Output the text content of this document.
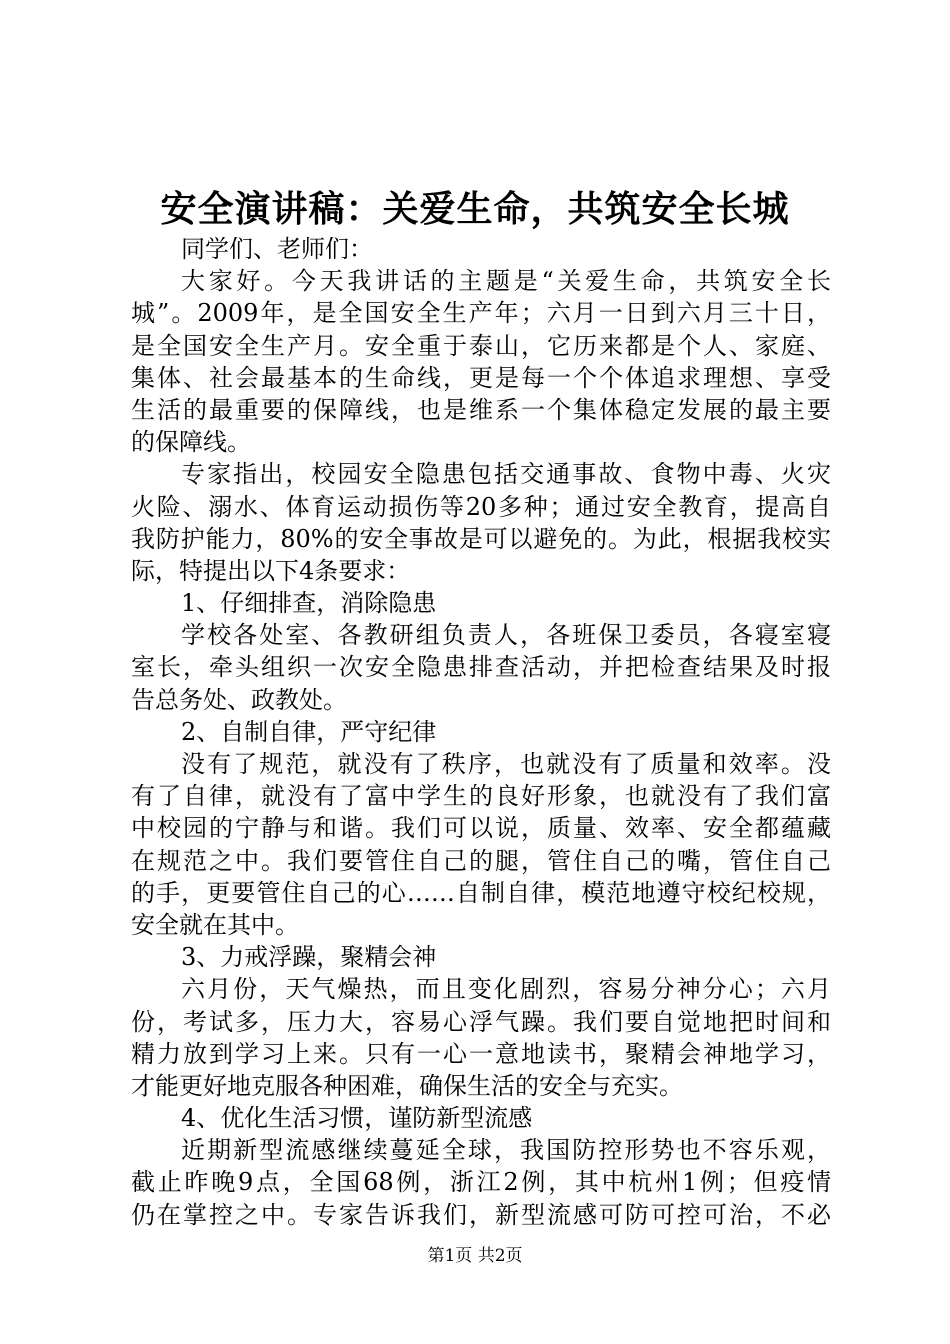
安全演讲稿：关爱生命，共筑安全长城
同学们、老师们：
大家好。今天我讲话的主题是“关爱生命，共筑安全长
城”。2009年，是全国安全生产年；六月一日到六月三十日，
是全国安全生产月。安全重于泰山，它历来都是个人、家庭、
集体、社会最基本的生命线，更是每一个个体追求理想、享受
生活的最重要的保障线，也是维系一个集体稳定发展的最主要
的保障线。
专家指出，校园安全隐患包括交通事故、食物中毒、火灾
火险、溺水、体育运动损伤等20多种；通过安全教育，提高自
我防护能力，80%的安全事故是可以避免的。为此，根据我校实
际，特提出以下4条要求：
1、仔细排查，消除隐患
学校各处室、各教研组负责人，各班保卫委员，各寝室寝
室长，牵头组织一次安全隐患排查活动，并把检查结果及时报
告总务处、政教处。
2、自制自律，严守纪律
没有了规范，就没有了秩序，也就没有了质量和效率。没
有了自律，就没有了富中学生的良好形象，也就没有了我们富
中校园的宁静与和谐。我们可以说，质量、效率、安全都蕴藏
在规范之中。我们要管住自己的腿，管住自己的嘴，管住自己
的手，更要管住自己的心……自制自律，模范地遵守校纪校规，
安全就在其中。
3、力戒浮躁，聚精会神
六月份，天气燥热，而且变化剧烈，容易分神分心；六月
份，考试多，压力大，容易心浮气躁。我们要自觉地把时间和
精力放到学习上来。只有一心一意地读书，聚精会神地学习，
才能更好地克服各种困难，确保生活的安全与充实。
4、优化生活习惯，谨防新型流感
近期新型流感继续蔓延全球，我国防控形势也不容乐观，
截止昨晚9点，全国68例，浙江2例，其中杭州1例；但疫情
仍在掌控之中。专家告诉我们，新型流感可防可控可治，不必
第1页 共2页
